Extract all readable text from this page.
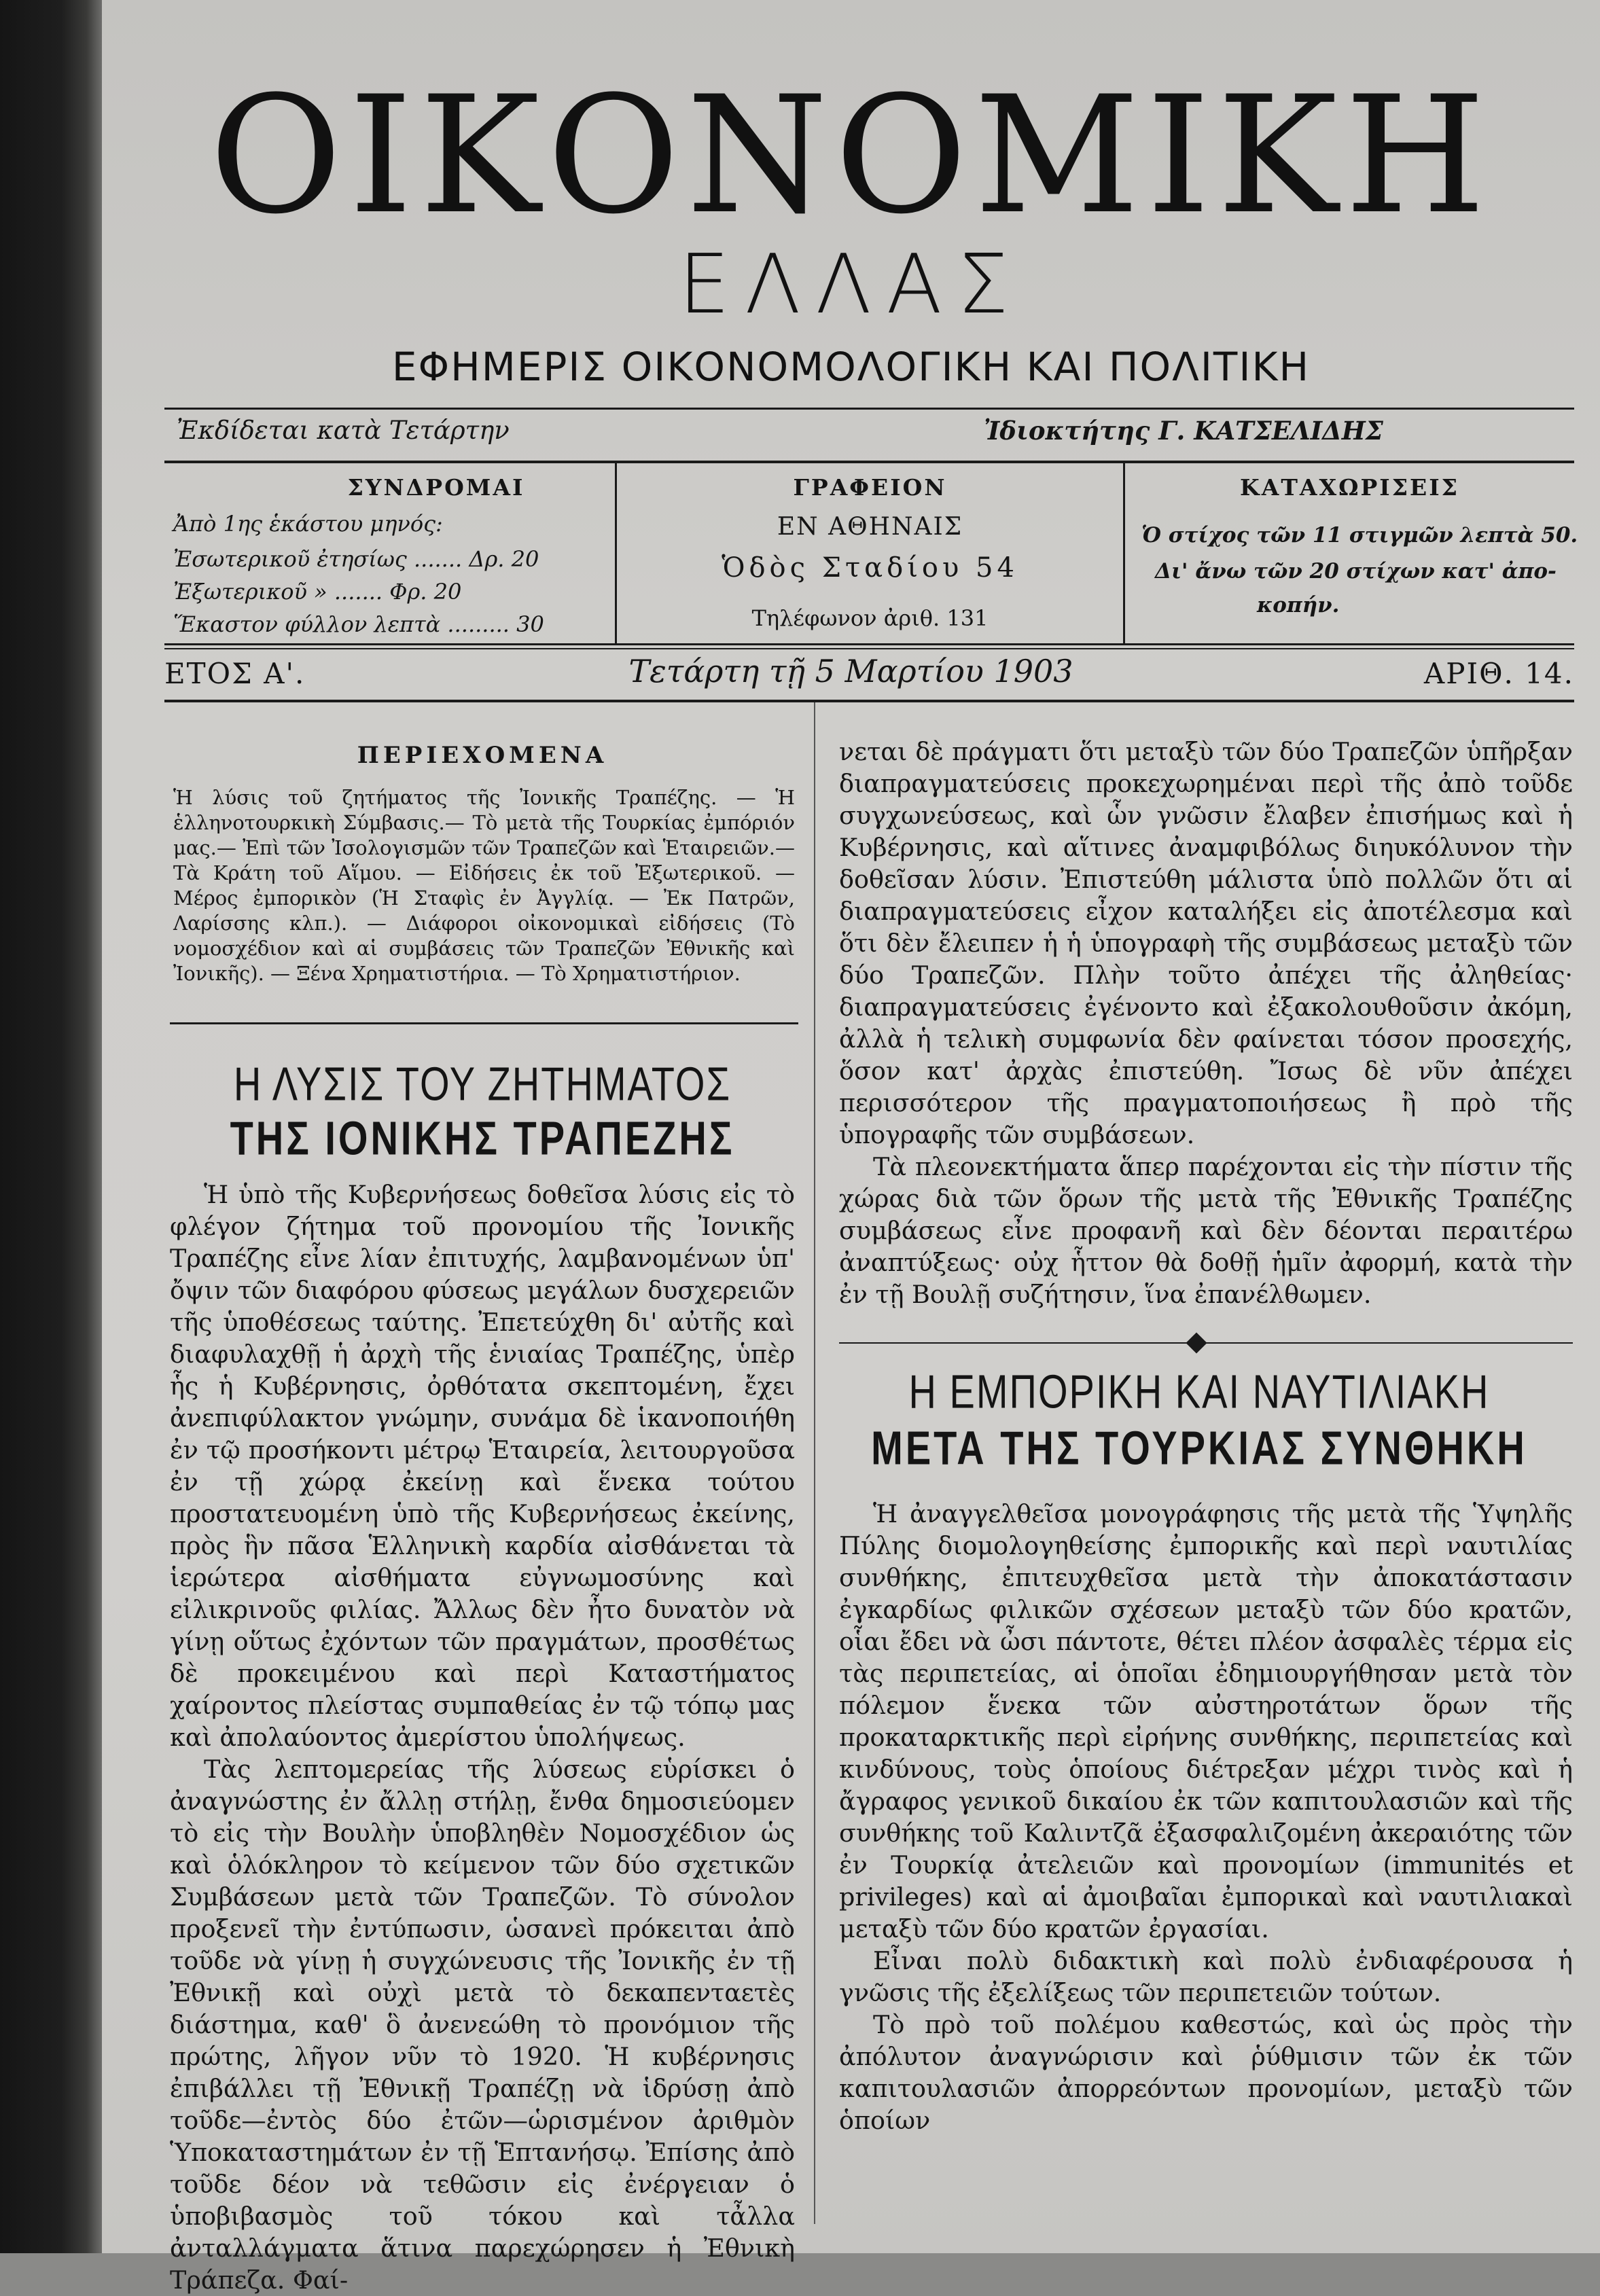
ΟΙΚΟΝΟΜΙΚΗ
ΕΛΛΑΣ
ΕΦΗΜΕΡΙΣ ΟΙΚΟΝΟΜΟΛΟΓΙΚΗ ΚΑΙ ΠΟΛΙΤΙΚΗ
Ἐκδίδεται κατὰ Τετάρτην	Ἰδιοκτήτης Γ. ΚΑΤΣΕΛΙΔΗΣ
ΣΥΝΔΡΟΜΑΙ
Ἀπὸ 1ης ἑκάστου μηνός:
Ἐσωτερικοῦ ἐτησίως ....... Δρ. 20
Ἐξωτερικοῦ » ....... Φρ. 20
Ἕκαστον φύλλον λεπτὰ ......... 30
ΓΡΑΦΕΙΟΝ
ΕΝ ΑΘΗΝΑΙΣ
Ὁδὸς Σταδίου 54
Τηλέφωνον ἀριθ. 131
ΚΑΤΑΧΩΡΙΣΕΙΣ
Ὁ στίχος τῶν 11 στιγμῶν λεπτὰ 50.
Δι' ἄνω τῶν 20 στίχων κατ' ἀπο-
κοπήν.
ΕΤΟΣ Α'.	Τετάρτη τῇ 5 Μαρτίου 1903	ΑΡΙΘ. 14.
ΠΕΡΙΕΧΟΜΕΝΑ
Ἡ λύσις τοῦ ζητήματος τῆς Ἰονικῆς Τραπέζης. — Ἡ ἑλληνοτουρκικὴ Σύμβασις.— Τὸ μετὰ τῆς Τουρκίας ἐμπόριόν μας.— Ἐπὶ τῶν Ἰσολογισμῶν τῶν Τραπεζῶν καὶ Ἑταιρειῶν.—Τὰ Κράτη τοῦ Αἵμου. — Εἰδήσεις ἐκ τοῦ Ἐξωτερικοῦ. — Μέρος ἐμπορικὸν (Ἡ Σταφὶς ἐν Ἀγγλίᾳ. — Ἐκ Πατρῶν, Λαρίσσης κλπ.). — Διάφοροι οἰκονομικαὶ εἰδήσεις (Τὸ νομοσχέδιον καὶ αἱ συμβάσεις τῶν Τραπεζῶν Ἐθνικῆς καὶ Ἰονικῆς). — Ξένα Χρηματιστήρια. — Τὸ Χρηματιστήριον.
Η ΛΥΣΙΣ ΤΟΥ ΖΗΤΗΜΑΤΟΣ
ΤΗΣ ΙΟΝΙΚΗΣ ΤΡΑΠΕΖΗΣ

Ἡ ὑπὸ τῆς Κυβερνήσεως δοθεῖσα λύσις εἰς τὸ φλέγον ζήτημα τοῦ προνομίου τῆς Ἰονικῆς Τραπέζης εἶνε λίαν ἐπιτυχής, λαμβανομένων ὑπ' ὄψιν τῶν διαφόρου φύσεως μεγάλων δυσχερειῶν τῆς ὑποθέσεως ταύτης. Ἐπετεύχθη δι' αὐτῆς καὶ διαφυλαχθῇ ἡ ἀρχὴ τῆς ἑνιαίας Τραπέζης, ὑπὲρ ἧς ἡ Κυβέρνησις, ὀρθότατα σκεπτομένη, ἔχει ἀνεπιφύλακτον γνώμην, συνάμα δὲ ἱκανοποιήθη ἐν τῷ προσήκοντι μέτρῳ Ἑταιρεία, λειτουργοῦσα ἐν τῇ χώρᾳ ἐκείνῃ καὶ ἕνεκα τούτου προστατευομένη ὑπὸ τῆς Κυβερνήσεως ἐκείνης, πρὸς ἣν πᾶσα Ἑλληνικὴ καρδία αἰσθάνεται τὰ ἱερώτερα αἰσθήματα εὐγνωμοσύνης καὶ εἰλικρινοῦς φιλίας. Ἄλλως δὲν ἦτο δυνατὸν νὰ γίνῃ οὕτως ἐχόντων τῶν πραγμάτων, προσθέτως δὲ προκειμένου καὶ περὶ Καταστήματος χαίροντος πλείστας συμπαθείας ἐν τῷ τόπῳ μας καὶ ἀπολαύοντος ἀμερίστου ὑπολήψεως.

Τὰς λεπτομερείας τῆς λύσεως εὑρίσκει ὁ ἀναγνώστης ἐν ἄλλῃ στήλῃ, ἔνθα δημοσιεύομεν τὸ εἰς τὴν Βουλὴν ὑποβληθὲν Νομοσχέδιον ὡς καὶ ὁλόκληρον τὸ κείμενον τῶν δύο σχετικῶν Συμβάσεων μετὰ τῶν Τραπεζῶν. Τὸ σύνολον προξενεῖ τὴν ἐντύπωσιν, ὡσανεὶ πρόκειται ἀπὸ τοῦδε νὰ γίνῃ ἡ συγχώνευσις τῆς Ἰονικῆς ἐν τῇ Ἐθνικῇ καὶ οὐχὶ μετὰ τὸ δεκαπενταετὲς διάστημα, καθ' ὃ ἀνενεώθη τὸ προνόμιον τῆς πρώτης, λῆγον νῦν τὸ 1920. Ἡ κυβέρνησις ἐπιβάλλει τῇ Ἐθνικῇ Τραπέζῃ νὰ ἱδρύσῃ ἀπὸ τοῦδε—ἐντὸς δύο ἐτῶν—ὡρισμένον ἀριθμὸν Ὑποκαταστημάτων ἐν τῇ Ἑπτανήσῳ. Ἐπίσης ἀπὸ τοῦδε δέον νὰ τεθῶσιν εἰς ἐνέργειαν ὁ ὑποβιβασμὸς τοῦ τόκου καὶ τἆλλα ἀνταλλάγματα ἅτινα παρεχώρησεν ἡ Ἐθνικὴ Τράπεζα. Φαί-

νεται δὲ πράγματι ὅτι μεταξὺ τῶν δύο Τραπεζῶν ὑπῆρξαν διαπραγματεύσεις προκεχωρημέναι περὶ τῆς ἀπὸ τοῦδε συγχωνεύσεως, καὶ ὧν γνῶσιν ἔλαβεν ἐπισήμως καὶ ἡ Κυβέρνησις, καὶ αἵτινες ἀναμφιβόλως διηυκόλυνον τὴν δοθεῖσαν λύσιν. Ἐπιστεύθη μάλιστα ὑπὸ πολλῶν ὅτι αἱ διαπραγματεύσεις εἶχον καταλήξει εἰς ἀποτέλεσμα καὶ ὅτι δὲν ἔλειπεν ἡ ἡ ὑπογραφὴ τῆς συμβάσεως μεταξὺ τῶν δύο Τραπεζῶν. Πλὴν τοῦτο ἀπέχει τῆς ἀληθείας· διαπραγματεύσεις ἐγένοντο καὶ ἐξακολουθοῦσιν ἀκόμη, ἀλλὰ ἡ τελικὴ συμφωνία δὲν φαίνεται τόσον προσεχής, ὅσον κατ' ἀρχὰς ἐπιστεύθη. Ἴσως δὲ νῦν ἀπέχει περισσότερον τῆς πραγματοποιήσεως ἢ πρὸ τῆς ὑπογραφῆς τῶν συμβάσεων.

Τὰ πλεονεκτήματα ἅπερ παρέχονται εἰς τὴν πίστιν τῆς χώρας διὰ τῶν ὅρων τῆς μετὰ τῆς Ἐθνικῆς Τραπέζης συμβάσεως εἶνε προφανῆ καὶ δὲν δέονται περαιτέρω ἀναπτύξεως· οὐχ ἧττον θὰ δοθῇ ἡμῖν ἀφορμή, κατὰ τὴν ἐν τῇ Βουλῇ συζήτησιν, ἵνα ἐπανέλθωμεν.

Η ΕΜΠΟΡΙΚΗ ΚΑΙ ΝΑΥΤΙΛΙΑΚΗ
ΜΕΤΑ ΤΗΣ ΤΟΥΡΚΙΑΣ ΣΥΝΘΗΚΗ

Ἡ ἀναγγελθεῖσα μονογράφησις τῆς μετὰ τῆς Ὑψηλῆς Πύλης διομολογηθείσης ἐμπορικῆς καὶ περὶ ναυτιλίας συνθήκης, ἐπιτευχθεῖσα μετὰ τὴν ἀποκατάστασιν ἐγκαρδίως φιλικῶν σχέσεων μεταξὺ τῶν δύο κρατῶν, οἷαι ἔδει νὰ ὦσι πάντοτε, θέτει πλέον ἀσφαλὲς τέρμα εἰς τὰς περιπετείας, αἱ ὁποῖαι ἐδημιουργήθησαν μετὰ τὸν πόλεμον ἕνεκα τῶν αὐστηροτάτων ὅρων τῆς προκαταρκτικῆς περὶ εἰρήνης συνθήκης, περιπετείας καὶ κινδύνους, τοὺς ὁποίους διέτρεξαν μέχρι τινὸς καὶ ἡ ἄγραφος γενικοῦ δικαίου ἐκ τῶν καπιτουλασιῶν καὶ τῆς συνθήκης τοῦ Καλιντζᾶ ἐξασφαλιζομένη ἀκεραιότης τῶν ἐν Τουρκίᾳ ἀτελειῶν καὶ προνομίων (immunités et privileges) καὶ αἱ ἀμοιβαῖαι ἐμπορικαὶ καὶ ναυτιλιακαὶ μεταξὺ τῶν δύο κρατῶν ἐργασίαι.

Εἶναι πολὺ διδακτικὴ καὶ πολὺ ἐνδιαφέρουσα ἡ γνῶσις τῆς ἐξελίξεως τῶν περιπετειῶν τούτων.

Τὸ πρὸ τοῦ πολέμου καθεστώς, καὶ ὡς πρὸς τὴν ἀπόλυτον ἀναγνώρισιν καὶ ῥύθμισιν τῶν ἐκ τῶν καπιτουλασιῶν ἀπορρεόντων προνομίων, μεταξὺ τῶν ὁποίων
